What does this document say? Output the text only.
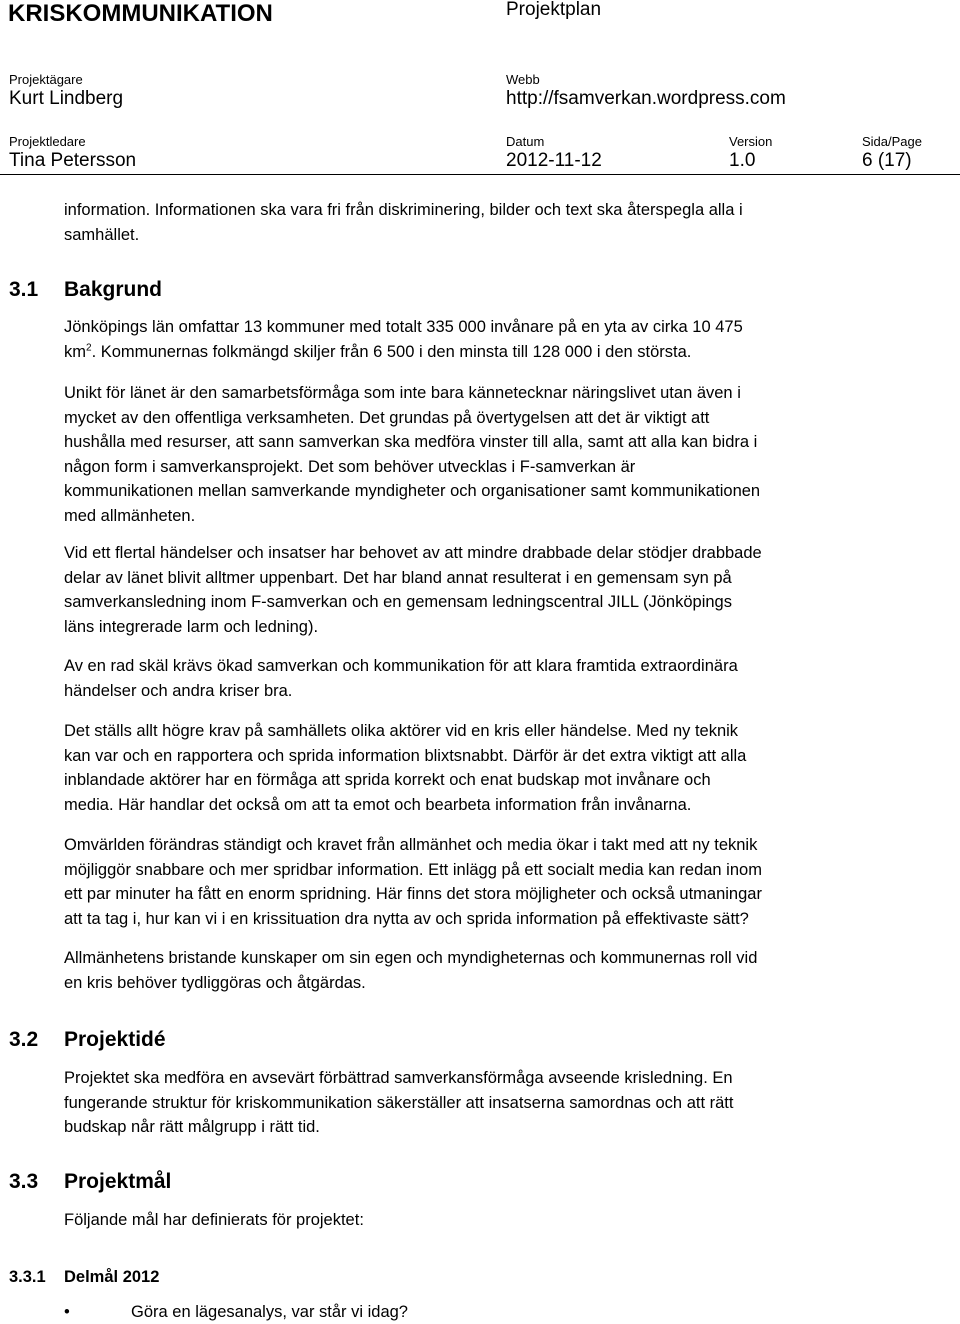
KRISKOMMUNIKATION	Projektplan
Projektägare
Kurt Lindberg
Webb
http://fsamverkan.wordpress.com
Projektledare
Tina Petersson
Datum
2012-11-12
Version
1.0
Sida/Page
6 (17)
information. Informationen ska vara fri från diskriminering, bilder och text ska återspegla alla i
samhället.
3.1 Bakgrund
Jönköpings län omfattar 13 kommuner med totalt 335 000 invånare på en yta av cirka 10 475
$km^2$. Kommunernas folkmängd skiljer från 6 500 i den minsta till 128 000 i den största.
Unikt för länet är den samarbetsförmåga som inte bara kännetecknar näringslivet utan även i
mycket av den offentliga verksamheten. Det grundas på övertygelsen att det är viktigt att
hushålla med resurser, att sann samverkan ska medföra vinster till alla, samt att alla kan bidra i
någon form i samverkansprojekt. Det som behöver utvecklas i F-samverkan är
kommunikationen mellan samverkande myndigheter och organisationer samt kommunikationen
med allmänheten.
Vid ett flertal händelser och insatser har behovet av att mindre drabbade delar stödjer drabbade
delar av länet blivit alltmer uppenbart. Det har bland annat resulterat i en gemensam syn på
samverkansledning inom F-samverkan och en gemensam ledningscentral JILL (Jönköpings
läns integrerade larm och ledning).
Av en rad skäl krävs ökad samverkan och kommunikation för att klara framtida extraordinära
händelser och andra kriser bra.
Det ställs allt högre krav på samhällets olika aktörer vid en kris eller händelse. Med ny teknik
kan var och en rapportera och sprida information blixtsnabbt. Därför är det extra viktigt att alla
inblandade aktörer har en förmåga att sprida korrekt och enat budskap mot invånare och
media. Här handlar det också om att ta emot och bearbeta information från invånarna.
Omvärlden förändras ständigt och kravet från allmänhet och media ökar i takt med att ny teknik
möjliggör snabbare och mer spridbar information. Ett inlägg på ett socialt media kan redan inom
ett par minuter ha fått en enorm spridning. Här finns det stora möjligheter och också utmaningar
att ta tag i, hur kan vi i en krissituation dra nytta av och sprida information på effektivaste sätt?
Allmänhetens bristande kunskaper om sin egen och myndigheternas och kommunernas roll vid
en kris behöver tydliggöras och åtgärdas.
3.2 Projektidé
Projektet ska medföra en avsevärt förbättrad samverkansförmåga avseende krisledning. En
fungerande struktur för kriskommunikation säkerställer att insatserna samordnas och att rätt
budskap når rätt målgrupp i rätt tid.
3.3 Projektmål
Följande mål har definierats för projektet:
3.3.1 Delmål 2012
•	Göra en lägesanalys, var står vi idag?
